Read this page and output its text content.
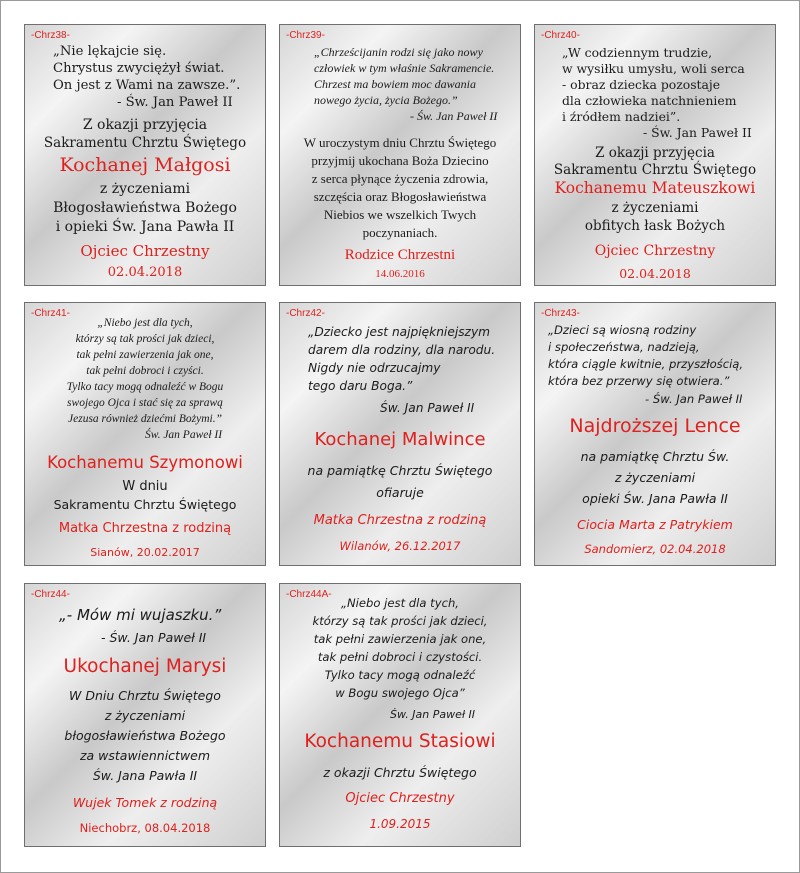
-Chrz38-
„Nie lękajcie się.
Chrystus zwyciężył świat.
On jest z Wami na zawsze.”.
- Św. Jan Paweł II
Z okazji przyjęcia
Sakramentu Chrztu Świętego
Kochanej Małgosi
z życzeniami
Błogosławieństwa Bożego
i opieki Św. Jana Pawła II
Ojciec Chrzestny
02.04.2018
-Chrz39-
„Chrześcijanin rodzi się jako nowy
człowiek w tym właśnie Sakramencie.
Chrzest ma bowiem moc dawania
nowego życia, życia Bożego.”
- Św. Jan Paweł II
W uroczystym dniu Chrztu Świętego
przyjmij ukochana Boża Dziecino
z serca płynące życzenia zdrowia,
szczęścia oraz Błogosławieństwa
Niebios we wszelkich Twych
poczynaniach.
Rodzice Chrzestni
14.06.2016
-Chrz40-
„W codziennym trudzie,
w wysiłku umysłu, woli serca
- obraz dziecka pozostaje
dla człowieka natchnieniem
i źródłem nadziei”.
- Św. Jan Paweł II
Z okazji przyjęcia
Sakramentu Chrztu Świętego
Kochanemu Mateuszkowi
z życzeniami
obfitych łask Bożych
Ojciec Chrzestny
02.04.2018
-Chrz41-
„Niebo jest dla tych,
którzy są tak prości jak dzieci,
tak pełni zawierzenia jak one,
tak pełni dobroci i czyści.
Tylko tacy mogą odnaleźć w Bogu
swojego Ojca i stać się za sprawą
Jezusa również dziećmi Bożymi.”
Św. Jan Paweł II
Kochanemu Szymonowi
W dniu
Sakramentu Chrztu Świętego
Matka Chrzestna z rodziną
Sianów, 20.02.2017
-Chrz42-
„Dziecko jest najpiękniejszym
darem dla rodziny, dla narodu.
Nigdy nie odrzucajmy
tego daru Boga.”
Św. Jan Paweł II
Kochanej Malwince
na pamiątkę Chrztu Świętego
ofiaruje
Matka Chrzestna z rodziną
Wilanów, 26.12.2017
-Chrz43-
„Dzieci są wiosną rodziny
i społeczeństwa, nadzieją,
która ciągle kwitnie, przyszłością,
która bez przerwy się otwiera.”
- Św. Jan Paweł II
Najdroższej Lence
na pamiątkę Chrztu Św.
z życzeniami
opieki Św. Jana Pawła II
Ciocia Marta z Patrykiem
Sandomierz, 02.04.2018
-Chrz44-
„- Mów mi wujaszku.”
- Św. Jan Paweł II
Ukochanej Marysi
W Dniu Chrztu Świętego
z życzeniami
błogosławieństwa Bożego
za wstawiennictwem
Św. Jana Pawła II
Wujek Tomek z rodziną
Niechobrz, 08.04.2018
-Chrz44A-
„Niebo jest dla tych,
którzy są tak prości jak dzieci,
tak pełni zawierzenia jak one,
tak pełni dobroci i czystości.
Tylko tacy mogą odnaleźć
w Bogu swojego Ojca”
Św. Jan Paweł II
Kochanemu Stasiowi
z okazji Chrztu Świętego
Ojciec Chrzestny
1.09.2015
